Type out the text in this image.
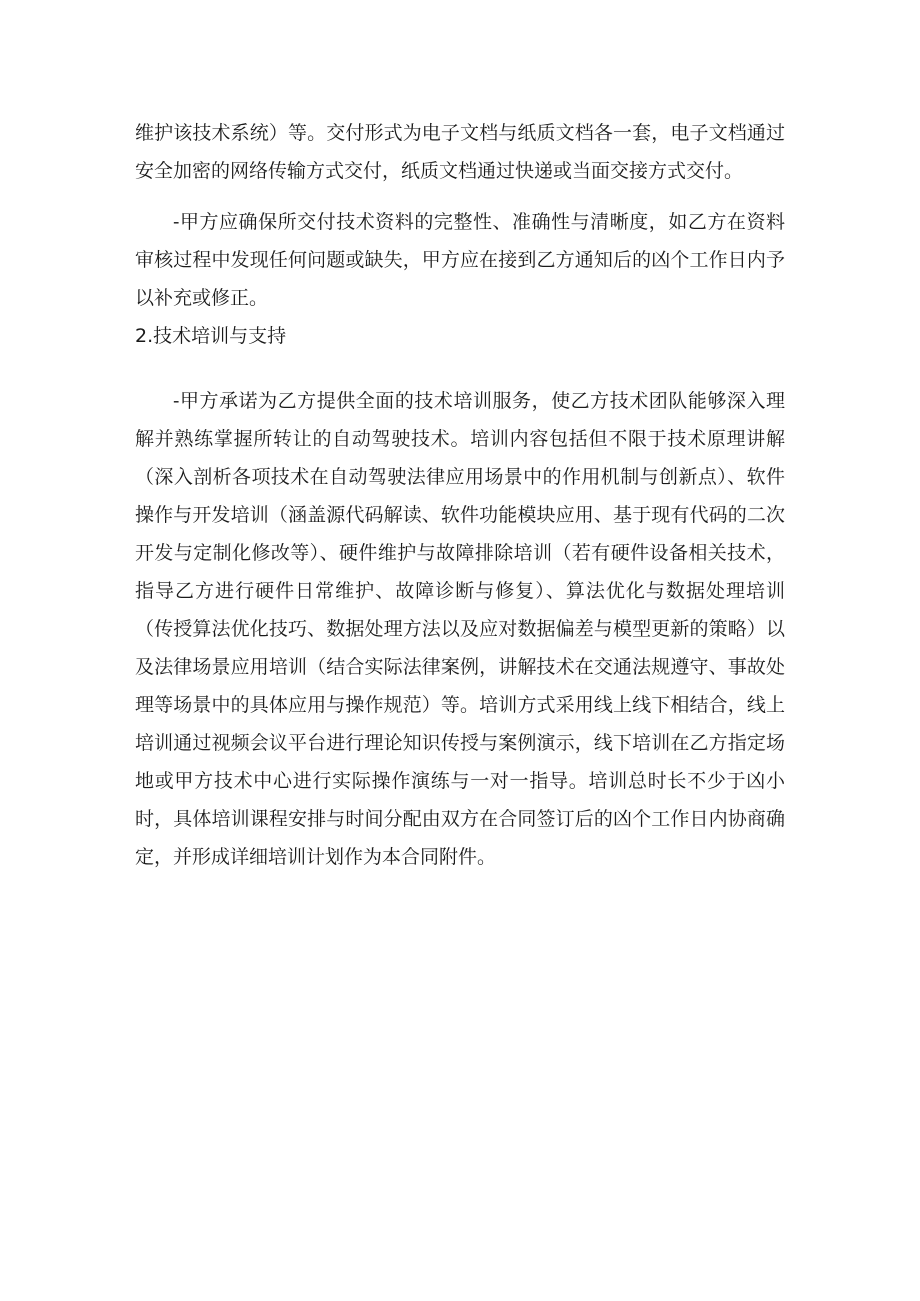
维护该技术系统）等。交付形式为电子文档与纸质文档各一套，电子文档通过安全加密的网络传输方式交付，纸质文档通过快递或当面交接方式交付。

-甲方应确保所交付技术资料的完整性、准确性与清晰度，如乙方在资料审核过程中发现任何问题或缺失，甲方应在接到乙方通知后的凶个工作日内予以补充或修正。

2.技术培训与支持

-甲方承诺为乙方提供全面的技术培训服务，使乙方技术团队能够深入理解并熟练掌握所转让的自动驾驶技术。培训内容包括但不限于技术原理讲解（深入剖析各项技术在自动驾驶法律应用场景中的作用机制与创新点）、软件操作与开发培训（涵盖源代码解读、软件功能模块应用、基于现有代码的二次开发与定制化修改等）、硬件维护与故障排除培训（若有硬件设备相关技术，指导乙方进行硬件日常维护、故障诊断与修复）、算法优化与数据处理培训（传授算法优化技巧、数据处理方法以及应对数据偏差与模型更新的策略）以及法律场景应用培训（结合实际法律案例，讲解技术在交通法规遵守、事故处理等场景中的具体应用与操作规范）等。培训方式采用线上线下相结合，线上培训通过视频会议平台进行理论知识传授与案例演示，线下培训在乙方指定场地或甲方技术中心进行实际操作演练与一对一指导。培训总时长不少于凶小时，具体培训课程安排与时间分配由双方在合同签订后的凶个工作日内协商确定，并形成详细培训计划作为本合同附件。
